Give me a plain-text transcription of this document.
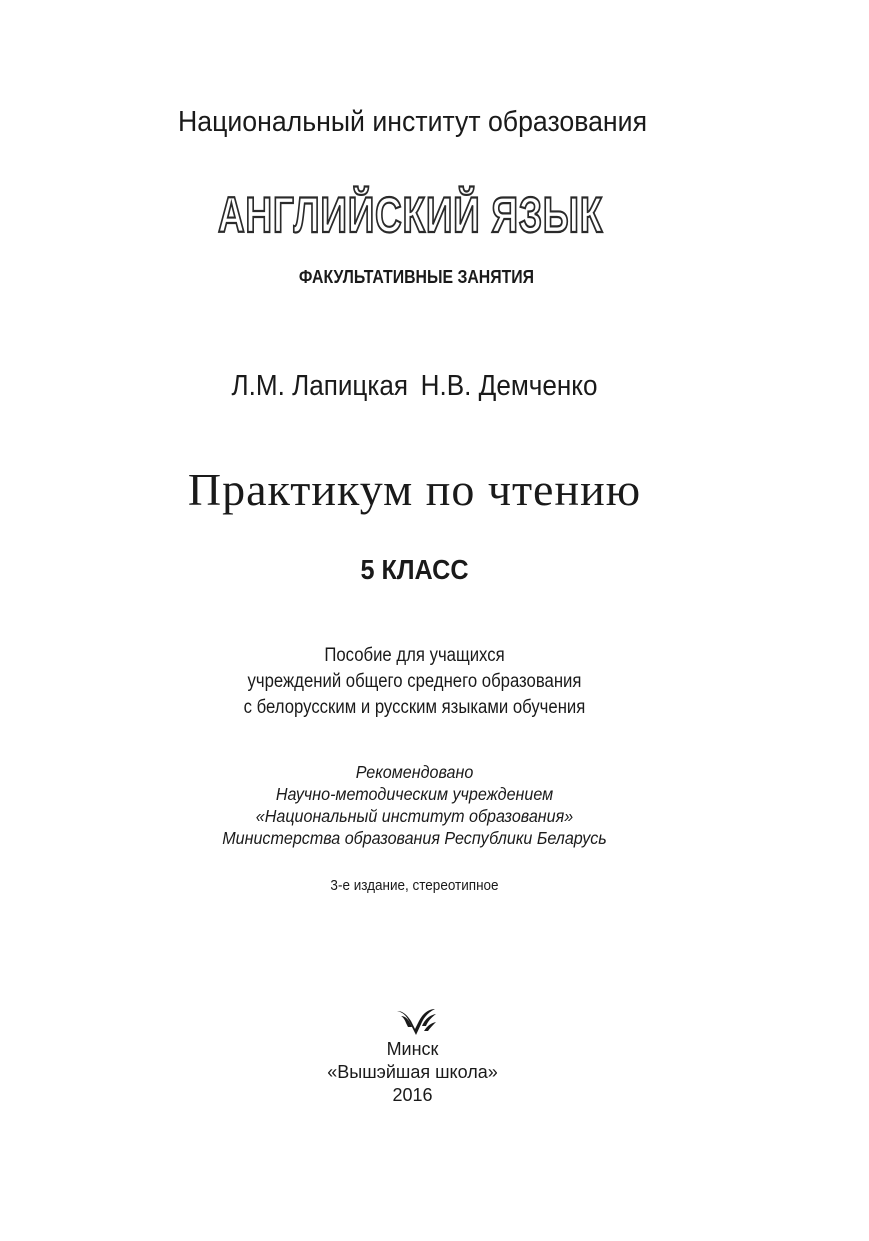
Национальный институт образования
АНГЛИЙСКИЙ ЯЗЫК
ФАКУЛЬТАТИВНЫЕ ЗАНЯТИЯ
Л.М. Лапицкая Н.В. Демченко
Практикум по чтению
5 КЛАСС
Пособие для учащихся
учреждений общего среднего образования
с белорусским и русским языками обучения
Рекомендовано
Научно-методическим учреждением
«Национальный институт образования»
Министерства образования Республики Беларусь
3-е издание, стереотипное
Минск
«Вышэйшая школа»
2016
